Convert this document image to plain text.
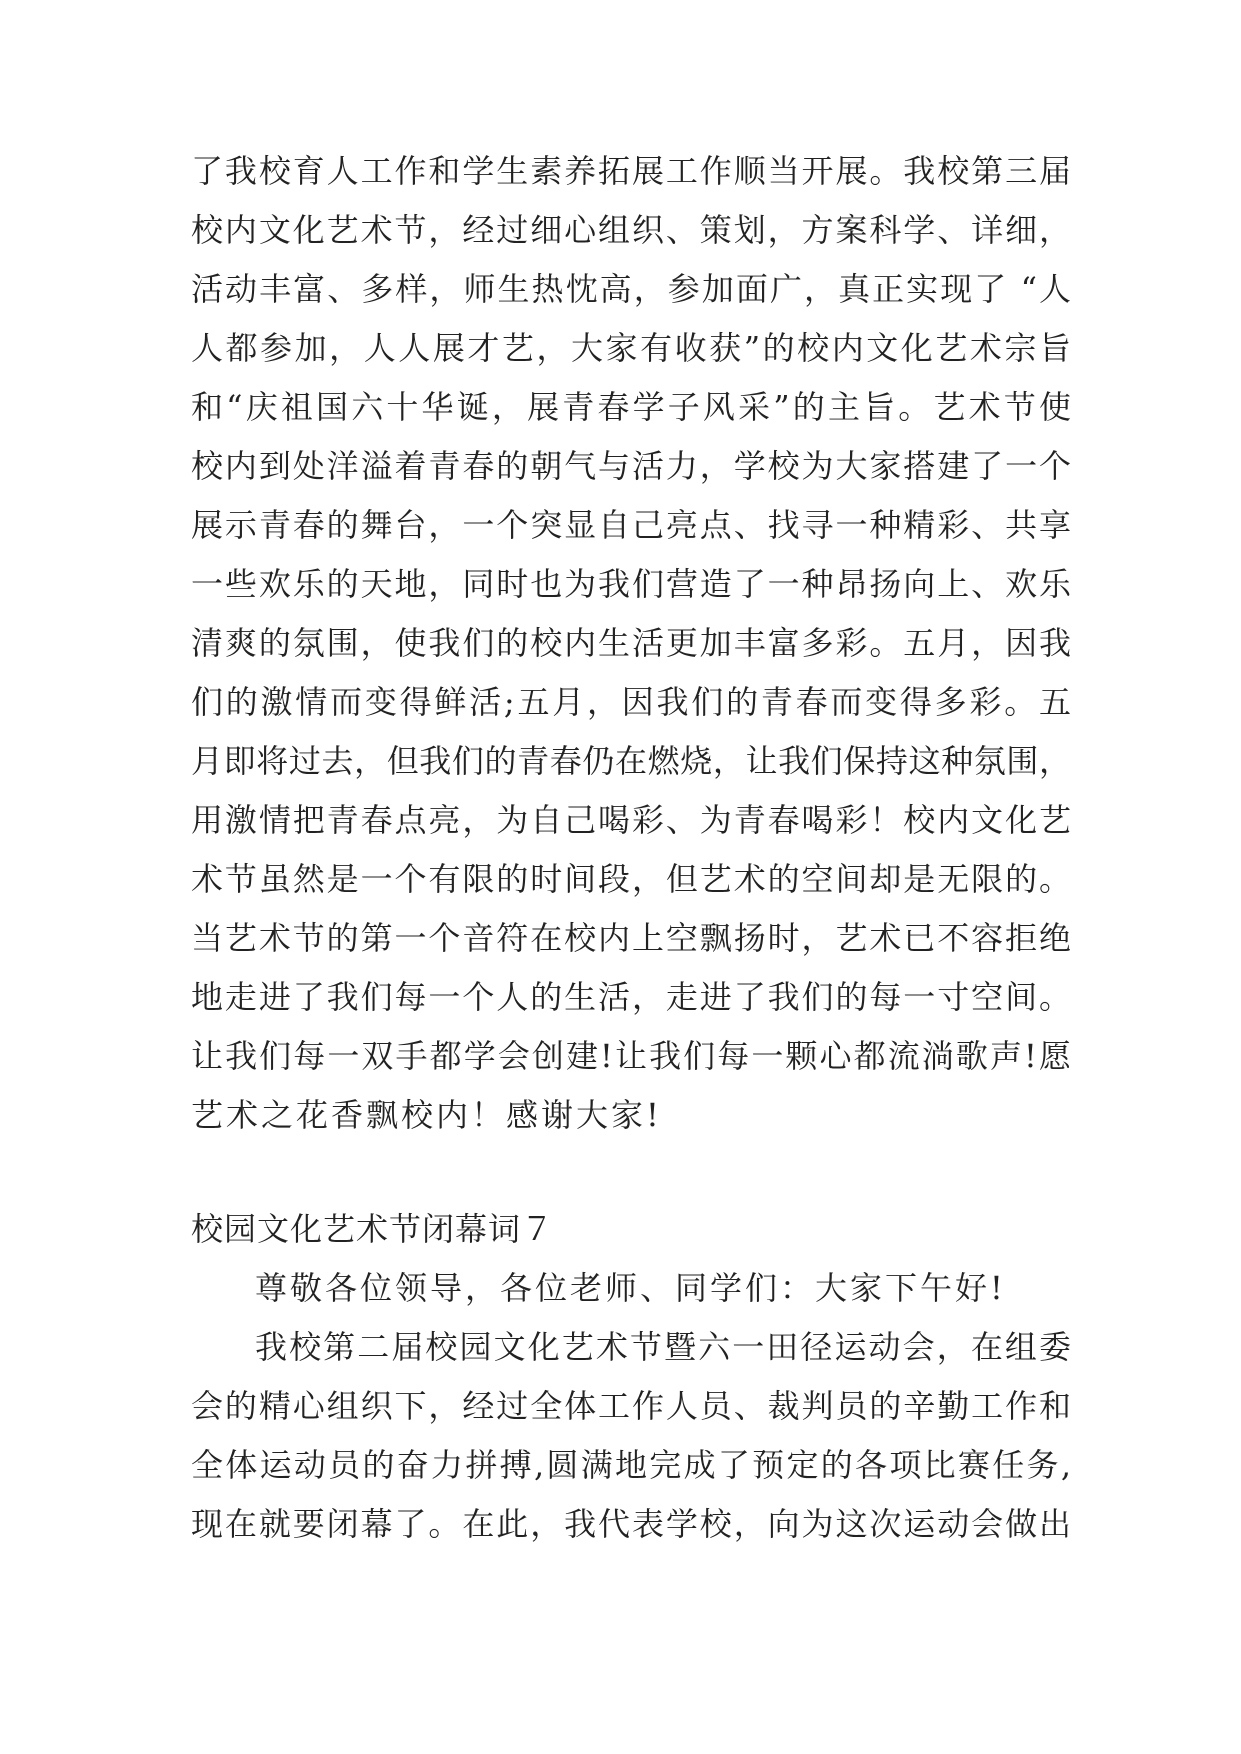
了我校育人工作和学生素养拓展工作顺当开展。我校第三届
校内文化艺术节，经过细心组织、策划，方案科学、详细，
活动丰富、多样，师生热忱高，参加面广，真正实现了 “人
人都参加，人人展才艺，大家有收获”的校内文化艺术宗旨
和“庆祖国六十华诞，展青春学子风采”的主旨。艺术节使
校内到处洋溢着青春的朝气与活力，学校为大家搭建了一个
展示青春的舞台，一个突显自己亮点、找寻一种精彩、共享
一些欢乐的天地，同时也为我们营造了一种昂扬向上、欢乐
清爽的氛围，使我们的校内生活更加丰富多彩。五月，因我
们的激情而变得鲜活;五月，因我们的青春而变得多彩。五
月即将过去，但我们的青春仍在燃烧，让我们保持这种氛围，
用激情把青春点亮，为自己喝彩、为青春喝彩！校内文化艺
术节虽然是一个有限的时间段，但艺术的空间却是无限的。
当艺术节的第一个音符在校内上空飘扬时，艺术已不容拒绝
地走进了我们每一个人的生活，走进了我们的每一寸空间。
让我们每一双手都学会创建!让我们每一颗心都流淌歌声!愿
艺术之花香飘校内！感谢大家!
校园文化艺术节闭幕词７
尊敬各位领导，各位老师、同学们：大家下午好!
我校第二届校园文化艺术节暨六一田径运动会，在组委
会的精心组织下，经过全体工作人员、裁判员的辛勤工作和
全体运动员的奋力拼搏,圆满地完成了预定的各项比赛任务,
现在就要闭幕了。在此，我代表学校，向为这次运动会做出
